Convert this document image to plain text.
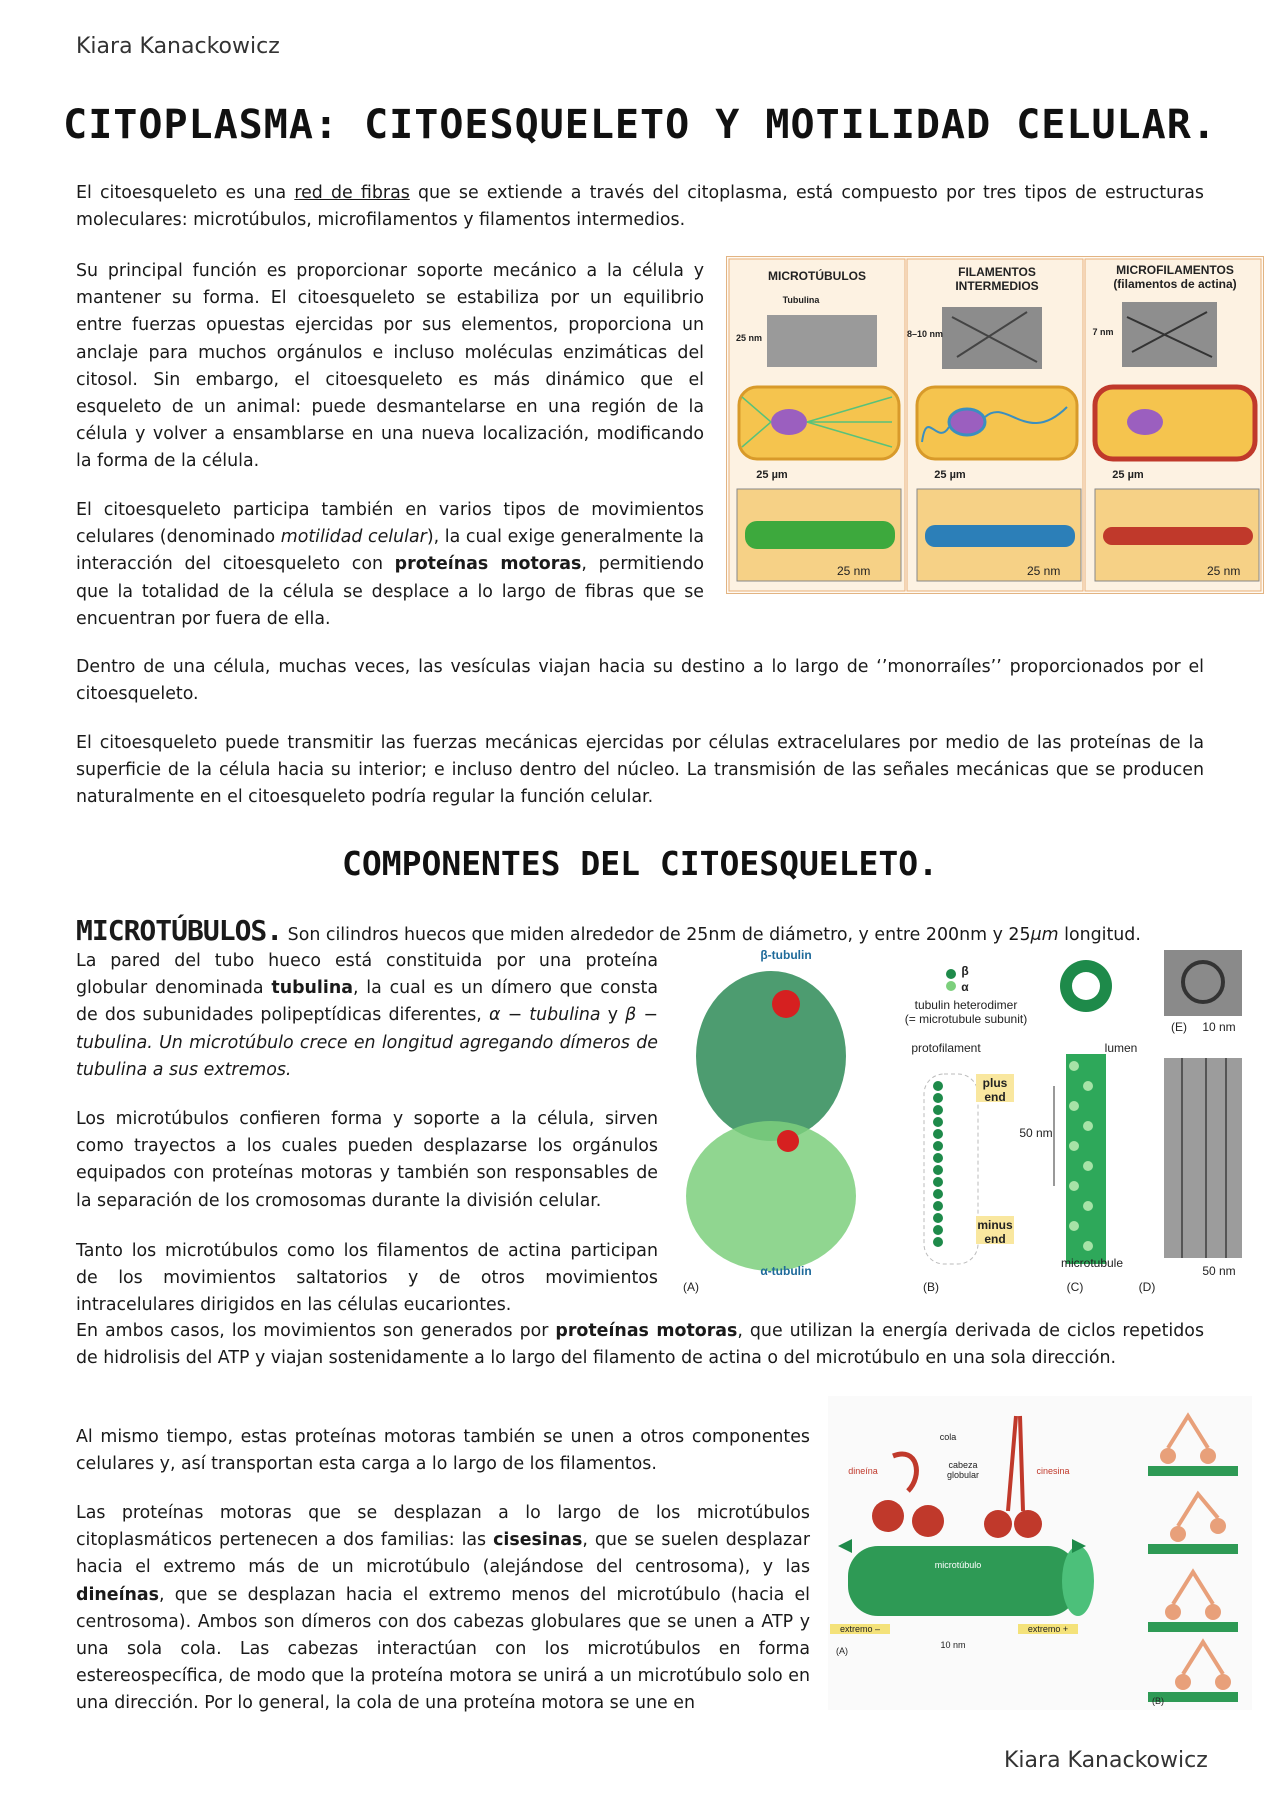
Kiara Kanackowicz
CITOPLASMA: CITOESQUELETO Y MOTILIDAD CELULAR.

El citoesqueleto es una red de fibras que se extiende a través del citoplasma, está compuesto por tres tipos de estructuras moleculares: microtúbulos, microfilamentos y filamentos intermedios.

Su principal función es proporcionar soporte mecánico a la célula y mantener su forma. El citoesqueleto se estabiliza por un equilibrio entre fuerzas opuestas ejercidas por sus elementos, proporciona un anclaje para muchos orgánulos e incluso moléculas enzimáticas del citosol. Sin embargo, el citoesqueleto es más dinámico que el esqueleto de un animal: puede desmantelarse en una región de la célula y volver a ensamblarse en una nueva localización, modificando la forma de la célula.

El citoesqueleto participa también en varios tipos de movimientos celulares (denominado motilidad celular), la cual exige generalmente la interacción del citoesqueleto con proteínas motoras, permitiendo que la totalidad de la célula se desplace a lo largo de fibras que se encuentran por fuera de ella.

25 nm	25 nm	25 nm
MICROTÚBULOS	FILAMENTOS INTERMEDIOS
MICROFILAMENTOS
(filamentos de actina)
Tubulina
25 nm	8–10 nm	7 nm
25 µm	25 µm	25 µm

Dentro de una célula, muchas veces, las vesículas viajan hacia su destino a lo largo de ‘’monorraíles’’ proporcionados por el citoesqueleto.

El citoesqueleto puede transmitir las fuerzas mecánicas ejercidas por células extracelulares por medio de las proteínas de la superficie de la célula hacia su interior; e incluso dentro del núcleo. La transmisión de las señales mecánicas que se producen naturalmente en el citoesqueleto podría regular la función celular.

COMPONENTES DEL CITOESQUELETO.
MICROTÚBULOS. Son cilindros huecos que miden alrededor de 25nm de diámetro, y entre 200nm y 25μm longitud.

La pared del tubo hueco está constituida por una proteína globular denominada tubulina, la cual es un dímero que consta de dos subunidades polipeptídicas diferentes, α − tubulina y β − tubulina. Un microtúbulo crece en longitud agregando dímeros de tubulina a sus extremos.

Los microtúbulos confieren forma y soporte a la célula, sirven como trayectos a los cuales pueden desplazarse los orgánulos equipados con proteínas motoras y también son responsables de la separación de los cromosomas durante la división celular.

Tanto los microtúbulos como los filamentos de actina participan de los movimientos saltatorios y de otros movimientos intracelulares dirigidos en las células eucariontes.

β-tubulin
α-tubulin
β
α
tubulin heterodimer
(= microtubule subunit)
protofilament
plus end
minus end
lumen
50 nm
10 nm
50 nm
microtubule
(A)	(B)	(C)	(D)
(E)

En ambos casos, los movimientos son generados por proteínas motoras, que utilizan la energía derivada de ciclos repetidos de hidrolisis del ATP y viajan sostenidamente a lo largo del filamento de actina o del microtúbulo en una sola dirección.

Al mismo tiempo, estas proteínas motoras también se unen a otros componentes celulares y, así transportan esta carga a lo largo de los filamentos.

Las proteínas motoras que se desplazan a lo largo de los microtúbulos citoplasmáticos pertenecen a dos familias: las cisesinas, que se suelen desplazar hacia el extremo más de un microtúbulo (alejándose del centrosoma), y las dineínas, que se desplazan hacia el extremo menos del microtúbulo (hacia el centrosoma). Ambos son dímeros con dos cabezas globulares que se unen a ATP y una sola cola. Las cabezas interactúan con los microtúbulos en forma estereospecífica, de modo que la proteína motora se unirá a un microtúbulo solo en una dirección. Por lo general, la cola de una proteína motora se une en

cola
cabeza globular
dineína	cinesina
microtúbulo
extremo –	extremo +
10 nm
(A)
(B)
Kiara Kanackowicz
